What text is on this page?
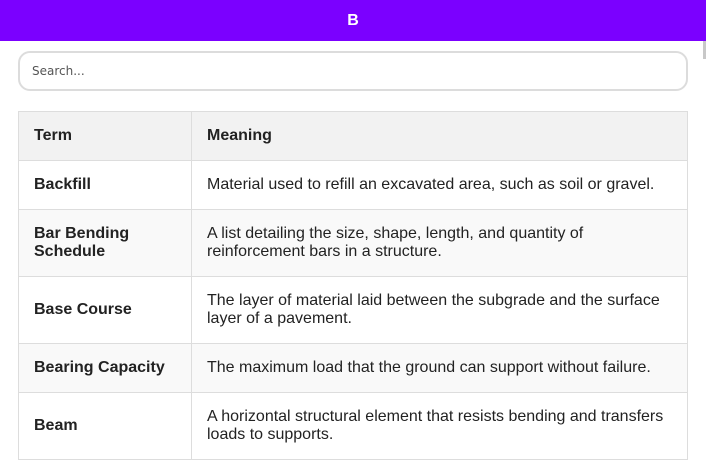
B
Search...
Term	Meaning
Backfill	Material used to refill an excavated area, such as soil or gravel.
Bar Bending Schedule	A list detailing the size, shape, length, and quantity of reinforcement bars in a structure.
Base Course	The layer of material laid between the subgrade and the surface layer of a pavement.
Bearing Capacity	The maximum load that the ground can support without failure.
Beam	A horizontal structural element that resists bending and transfers loads to supports.
